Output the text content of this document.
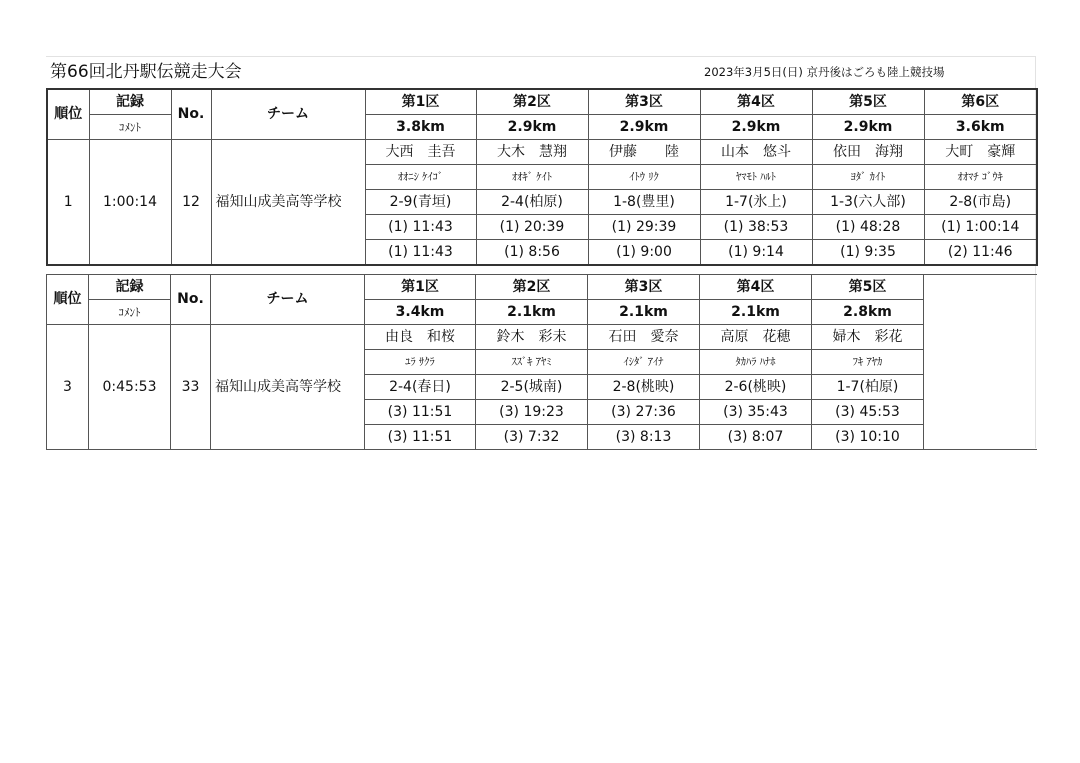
第66回北丹駅伝競走大会	2023年3月5日(日) 京丹後はごろも陸上競技場
順位	記録	No.	チーム	第1区	第2区	第3区	第4区	第5区	第6区
	ｺﾒﾝﾄ			3.8km	2.9km	2.9km	2.9km	2.9km	3.6km
1	1:00:14	12	福知山成美高等学校	大西　圭吾	大木　慧翔	伊藤　　陸	山本　悠斗	依田　海翔	大町　豪輝
				ｵｵﾆｼ ｹｲｺﾞ	ｵｵｷﾞ ｹｲﾄ	ｲﾄｳ ﾘｸ	ﾔﾏﾓﾄ ﾊﾙﾄ	ﾖﾀﾞ ｶｲﾄ	ｵｵﾏﾁ ｺﾞｳｷ
				2-9(青垣)	2-4(柏原)	1-8(豊里)	1-7(氷上)	1-3(六人部)	2-8(市島)
				(1) 11:43	(1) 20:39	(1) 29:39	(1) 38:53	(1) 48:28	(1) 1:00:14
				(1) 11:43	(1) 8:56	(1) 9:00	(1) 9:14	(1) 9:35	(2) 11:46
順位	記録	No.	チーム	第1区	第2区	第3区	第4区	第5区	
	ｺﾒﾝﾄ			3.4km	2.1km	2.1km	2.1km	2.8km	
3	0:45:53	33	福知山成美高等学校	由良　和桜	鈴木　彩未	石田　愛奈	高原　花穂	婦木　彩花	
				ﾕﾗ ｻｸﾗ	ｽｽﾞｷ ｱﾔﾐ	ｲｼﾀﾞ ｱｲﾅ	ﾀｶﾊﾗ ﾊﾅﾎ	ﾌｷ ｱﾔｶ	
				2-4(春日)	2-5(城南)	2-8(桃映)	2-6(桃映)	1-7(柏原)	
				(3) 11:51	(3) 19:23	(3) 27:36	(3) 35:43	(3) 45:53	
				(3) 11:51	(3) 7:32	(3) 8:13	(3) 8:07	(3) 10:10	
